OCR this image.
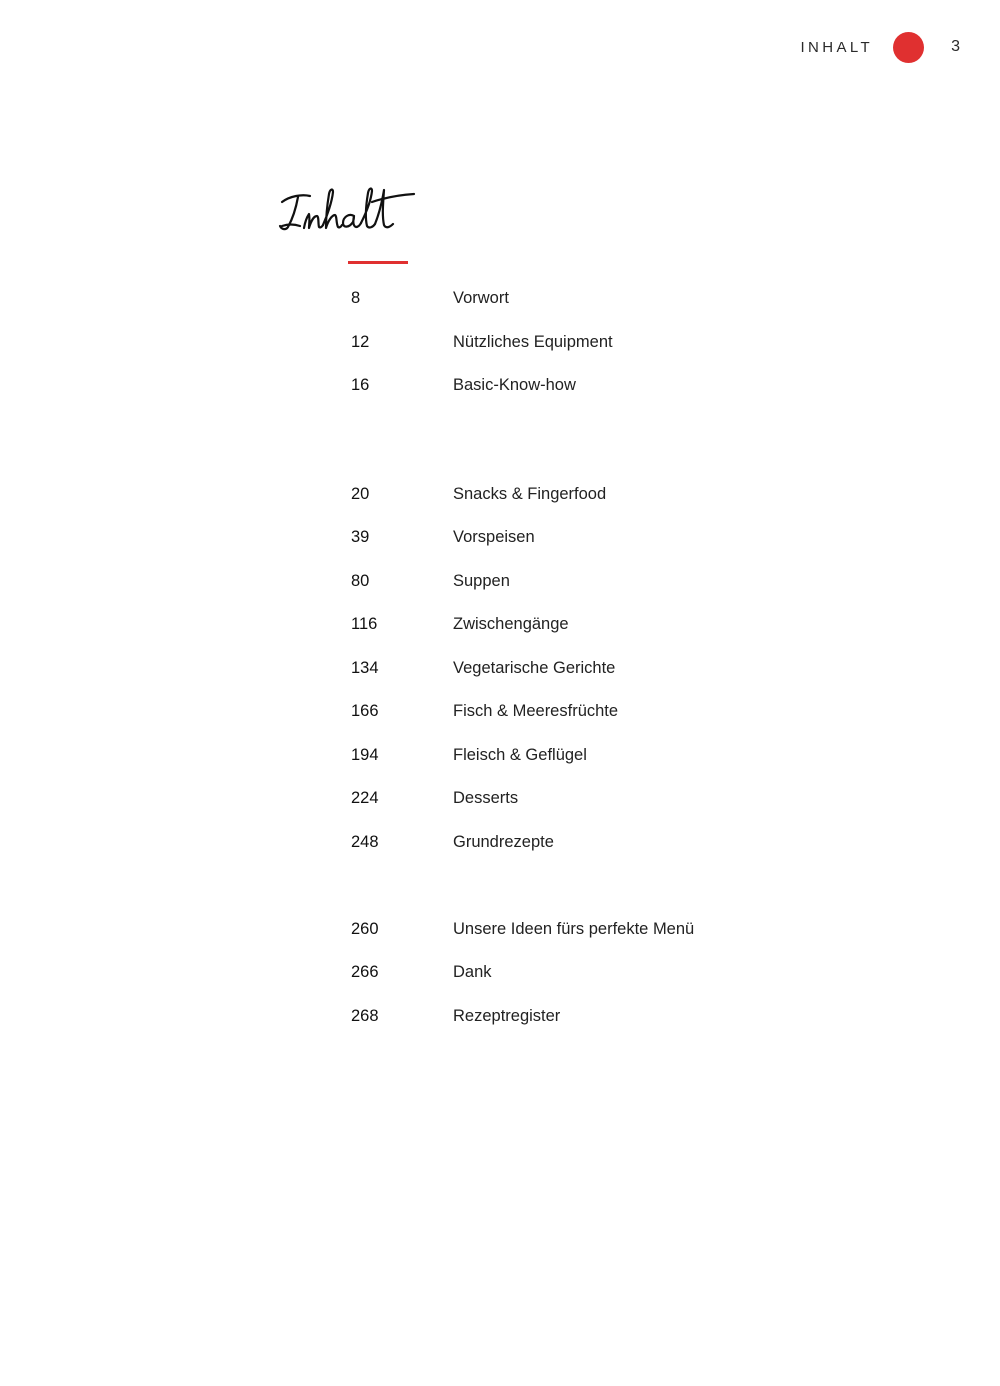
INHALT	3
8	Vorwort
12	Nützliches Equipment
16	Basic-Know-how
20	Snacks & Fingerfood
39	Vorspeisen
80	Suppen
116	Zwischengänge
134	Vegetarische Gerichte
166	Fisch & Meeresfrüchte
194	Fleisch & Geflügel
224	Desserts
248	Grundrezepte
260	Unsere Ideen fürs perfekte Menü
266	Dank
268	Rezeptregister
